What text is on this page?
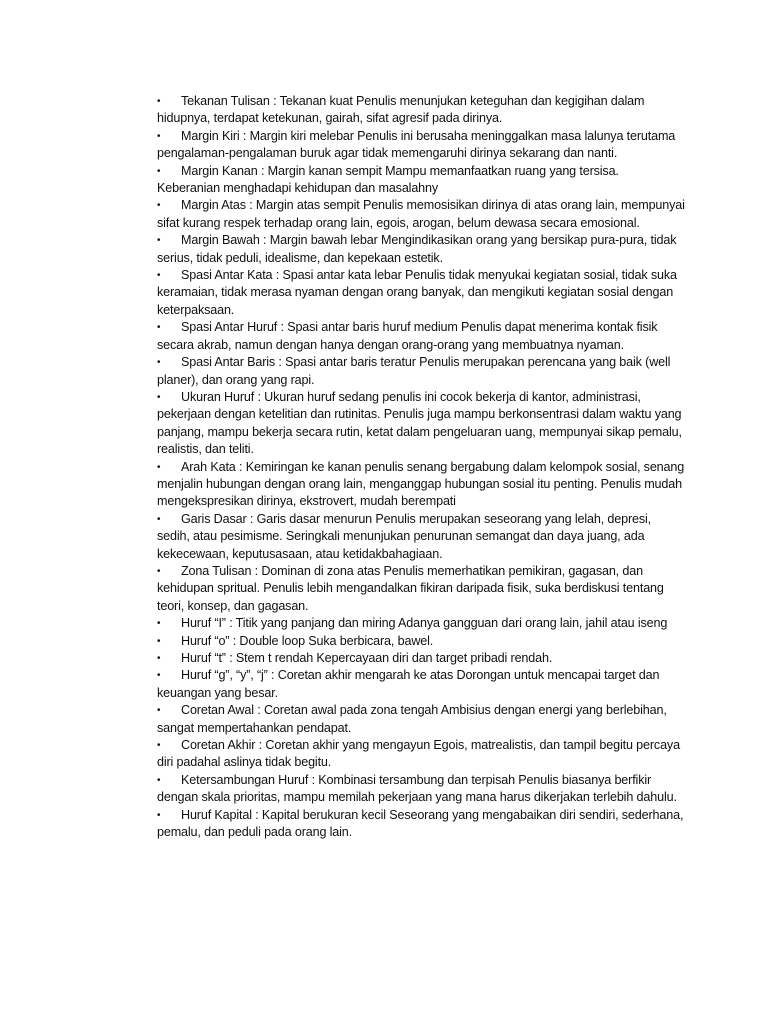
• Tekanan Tulisan : Tekanan kuat Penulis menunjukan keteguhan dan kegigihan dalam hidupnya, terdapat ketekunan, gairah, sifat agresif pada dirinya.

• Margin Kiri : Margin kiri melebar Penulis ini berusaha meninggalkan masa lalunya terutama pengalaman-pengalaman buruk agar tidak memengaruhi dirinya sekarang dan nanti.

• Margin Kanan : Margin kanan sempit Mampu memanfaatkan ruang yang tersisa. Keberanian menghadapi kehidupan dan masalahny

• Margin Atas : Margin atas sempit Penulis memosisikan dirinya di atas orang lain, mempunyai sifat kurang respek terhadap orang lain, egois, arogan, belum dewasa secara emosional.

• Margin Bawah : Margin bawah lebar Mengindikasikan orang yang bersikap pura-pura, tidak serius, tidak peduli, idealisme, dan kepekaan estetik.

• Spasi Antar Kata : Spasi antar kata lebar Penulis tidak menyukai kegiatan sosial, tidak suka keramaian, tidak merasa nyaman dengan orang banyak, dan mengikuti kegiatan sosial dengan keterpaksaan.

• Spasi Antar Huruf : Spasi antar baris huruf medium Penulis dapat menerima kontak fisik secara akrab, namun dengan hanya dengan orang-orang yang membuatnya nyaman.

• Spasi Antar Baris : Spasi antar baris teratur Penulis merupakan perencana yang baik (well planer), dan orang yang rapi.

• Ukuran Huruf : Ukuran huruf sedang penulis ini cocok bekerja di kantor, administrasi, pekerjaan dengan ketelitian dan rutinitas. Penulis juga mampu berkonsentrasi dalam waktu yang panjang, mampu bekerja secara rutin, ketat dalam pengeluaran uang, mempunyai sikap pemalu, realistis, dan teliti.

• Arah Kata : Kemiringan ke kanan penulis senang bergabung dalam kelompok sosial, senang menjalin hubungan dengan orang lain, menganggap hubungan sosial itu penting. Penulis mudah mengekspresikan dirinya, ekstrovert, mudah berempati

• Garis Dasar : Garis dasar menurun Penulis merupakan seseorang yang lelah, depresi, sedih, atau pesimisme. Seringkali menunjukan penurunan semangat dan daya juang, ada kekecewaan, keputusasaan, atau ketidakbahagiaan.

• Zona Tulisan : Dominan di zona atas Penulis memerhatikan pemikiran, gagasan, dan kehidupan spritual. Penulis lebih mengandalkan fikiran daripada fisik, suka berdiskusi tentang teori, konsep, dan gagasan.

• Huruf “I” : Titik yang panjang dan miring Adanya gangguan dari orang lain, jahil atau iseng

• Huruf “o” : Double loop Suka berbicara, bawel.

• Huruf “t” : Stem t rendah Kepercayaan diri dan target pribadi rendah.

• Huruf “g”, “y”, “j” : Coretan akhir mengarah ke atas Dorongan untuk mencapai target dan keuangan yang besar.

• Coretan Awal : Coretan awal pada zona tengah Ambisius dengan energi yang berlebihan, sangat mempertahankan pendapat.

• Coretan Akhir : Coretan akhir yang mengayun Egois, matrealistis, dan tampil begitu percaya diri padahal aslinya tidak begitu.

• Ketersambungan Huruf : Kombinasi tersambung dan terpisah Penulis biasanya berfikir dengan skala prioritas, mampu memilah pekerjaan yang mana harus dikerjakan terlebih dahulu.

• Huruf Kapital : Kapital berukuran kecil Seseorang yang mengabaikan diri sendiri, sederhana, pemalu, dan peduli pada orang lain.
